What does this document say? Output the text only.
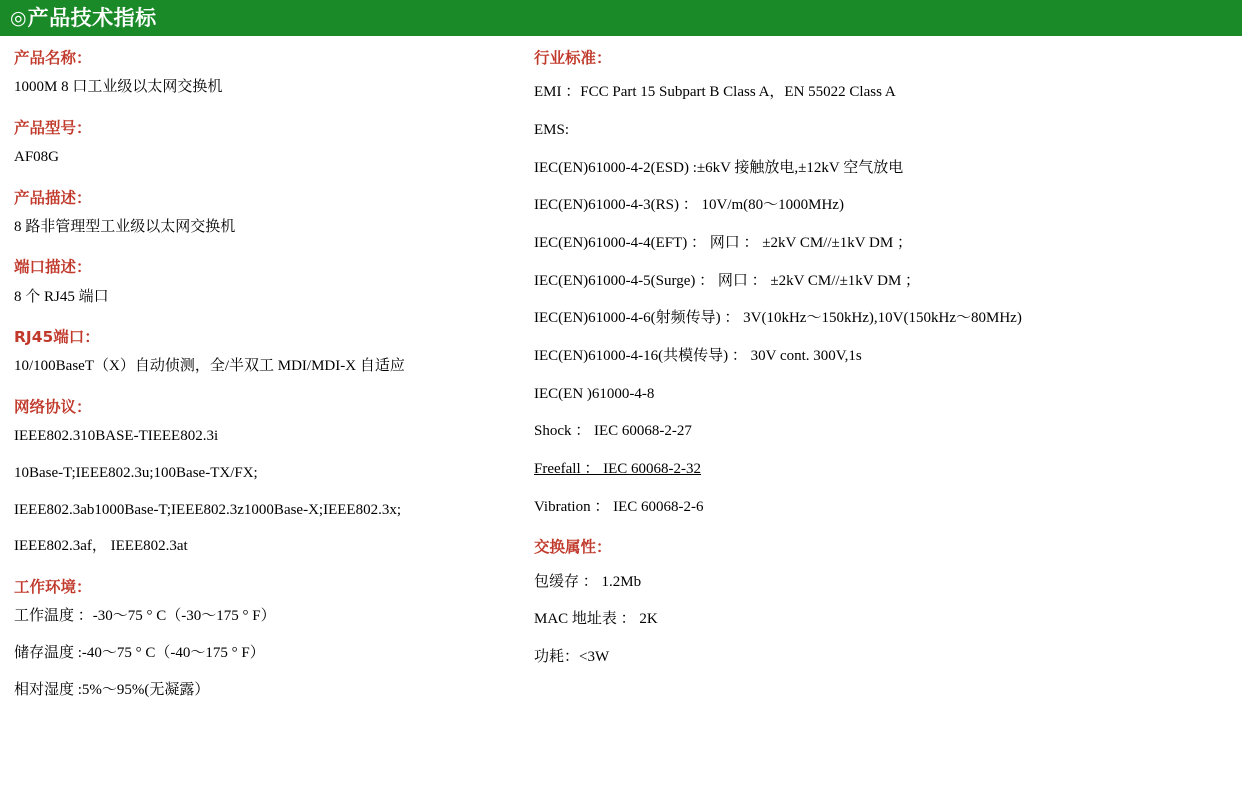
◎ 产品技术指标
产品名称：
1000M 8 口工业级以太网交换机
产品型号：
AF08G
产品描述：
8 路非管理型工业级以太网交换机
端口描述：
8 个 RJ45 端口
RJ45端口：
10/100BaseT（X）自动侦测，全/半双工 MDI/MDI-X 自适应
网络协议：
IEEE802.310BASE-TIEEE802.3i
10Base-T;IEEE802.3u;100Base-TX/FX;
IEEE802.3ab1000Base-T;IEEE802.3z1000Base-X;IEEE802.3x;
IEEE802.3af， IEEE802.3at
工作环境：
工作温度 ：-30～75 ° C（-30～175 ° F）
储存温度 :-40～75 ° C（-40～175 ° F）
相对湿度 :5%～95%(无凝露）
行业标准：
EMI ：FCC Part 15 Subpart B Class A，EN 55022 Class A
EMS:
IEC(EN)61000-4-2(ESD) :±6kV 接触放电,±12kV 空气放电
IEC(EN)61000-4-3(RS) ： 10V/m(80～1000MHz)
IEC(EN)61000-4-4(EFT) ： 网口 ： ±2kV CM//±1kV DM ；
IEC(EN)61000-4-5(Surge) ： 网口 ： ±2kV CM//±1kV DM ；
IEC(EN)61000-4-6(射频传导) ： 3V(10kHz～150kHz),10V(150kHz～80MHz)
IEC(EN)61000-4-16(共模传导) ： 30V cont. 300V,1s
IEC(EN )61000-4-8
Shock ： IEC 60068-2-27
Freefall ： IEC 60068-2-32
Vibration ： IEC 60068-2-6
交换属性：
包缓存 ： 1.2Mb
MAC 地址表 ： 2K
功耗：<3W
